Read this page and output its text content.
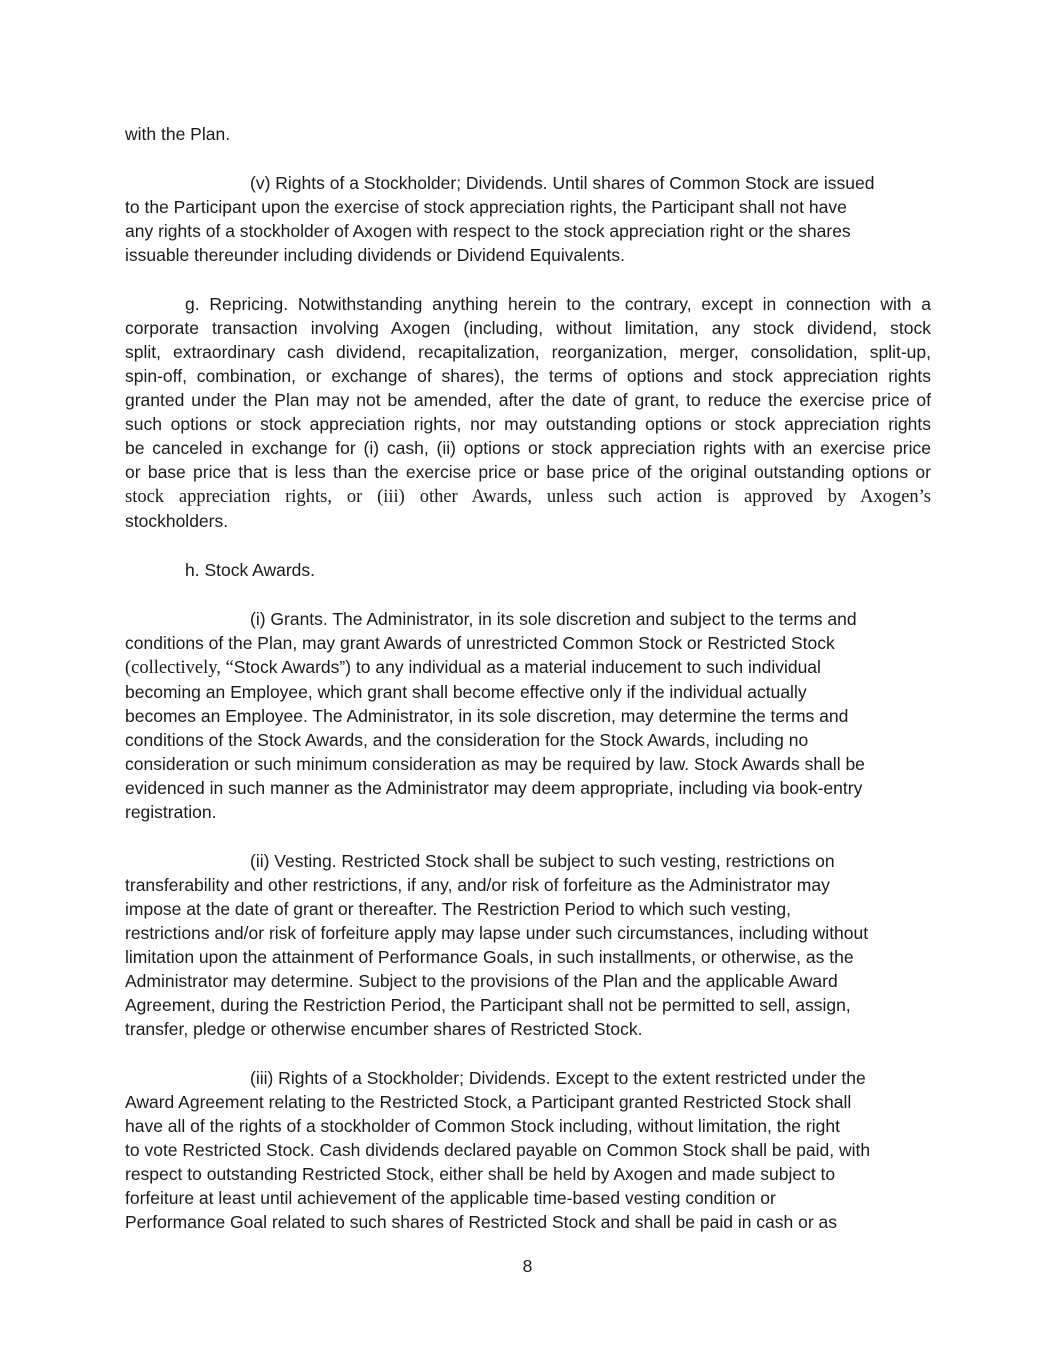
with the Plan.
(v) Rights of a Stockholder; Dividends. Until shares of Common Stock are issued
to the Participant upon the exercise of stock appreciation rights, the Participant shall not have
any rights of a stockholder of Axogen with respect to the stock appreciation right or the shares
issuable thereunder including dividends or Dividend Equivalents.
g. Repricing. Notwithstanding anything herein to the contrary, except in connection with a
corporate transaction involving Axogen (including, without limitation, any stock dividend, stock
split, extraordinary cash dividend, recapitalization, reorganization, merger, consolidation, split-up,
spin-off, combination, or exchange of shares), the terms of options and stock appreciation rights
granted under the Plan may not be amended, after the date of grant, to reduce the exercise price of
such options or stock appreciation rights, nor may outstanding options or stock appreciation rights
be canceled in exchange for (i) cash, (ii) options or stock appreciation rights with an exercise price
or base price that is less than the exercise price or base price of the original outstanding options or
stock appreciation rights, or (iii) other Awards, unless such action is approved by Axogen’s
stockholders.
h. Stock Awards.
(i) Grants. The Administrator, in its sole discretion and subject to the terms and
conditions of the Plan, may grant Awards of unrestricted Common Stock or Restricted Stock
(collectively, “Stock Awards”) to any individual as a material inducement to such individual
becoming an Employee, which grant shall become effective only if the individual actually
becomes an Employee. The Administrator, in its sole discretion, may determine the terms and
conditions of the Stock Awards, and the consideration for the Stock Awards, including no
consideration or such minimum consideration as may be required by law. Stock Awards shall be
evidenced in such manner as the Administrator may deem appropriate, including via book-entry
registration.
(ii) Vesting. Restricted Stock shall be subject to such vesting, restrictions on
transferability and other restrictions, if any, and/or risk of forfeiture as the Administrator may
impose at the date of grant or thereafter. The Restriction Period to which such vesting,
restrictions and/or risk of forfeiture apply may lapse under such circumstances, including without
limitation upon the attainment of Performance Goals, in such installments, or otherwise, as the
Administrator may determine. Subject to the provisions of the Plan and the applicable Award
Agreement, during the Restriction Period, the Participant shall not be permitted to sell, assign,
transfer, pledge or otherwise encumber shares of Restricted Stock.
(iii) Rights of a Stockholder; Dividends. Except to the extent restricted under the
Award Agreement relating to the Restricted Stock, a Participant granted Restricted Stock shall
have all of the rights of a stockholder of Common Stock including, without limitation, the right
to vote Restricted Stock. Cash dividends declared payable on Common Stock shall be paid, with
respect to outstanding Restricted Stock, either shall be held by Axogen and made subject to
forfeiture at least until achievement of the applicable time-based vesting condition or
Performance Goal related to such shares of Restricted Stock and shall be paid in cash or as
8
